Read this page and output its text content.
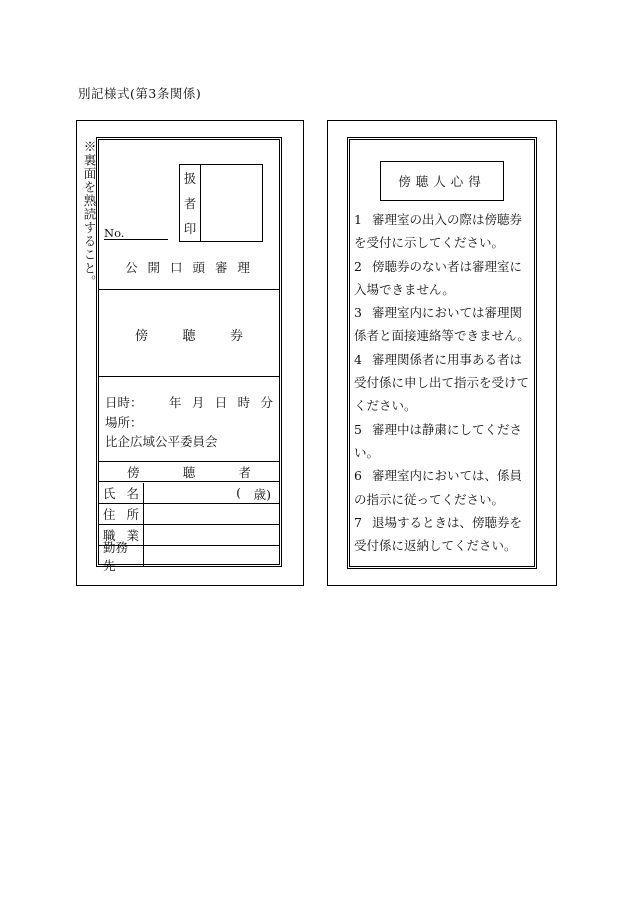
別記様式(第3条関係)
※裏面を熟読すること。	扱
者
印
No.
公 開 口 頭 審 理
傍	聴	券
日時： 年 月 日 時 分
場所：
比企広域公平委員会
傍	聴	者
氏 名	( 歳)
住 所
職 業
勤務先
傍聴人心得

1 審理室の出入の際は傍聴券を受付に示してください。

2 傍聴券のない者は審理室に入場できません。

3 審理室内においては審理関係者と面接連絡等できません。

4 審理関係者に用事ある者は受付係に申し出て指示を受けてください。

5 審理中は静粛にしてください。

6 審理室内においては、係員の指示に従ってください。

7 退場するときは、傍聴券を受付係に返納してください。
